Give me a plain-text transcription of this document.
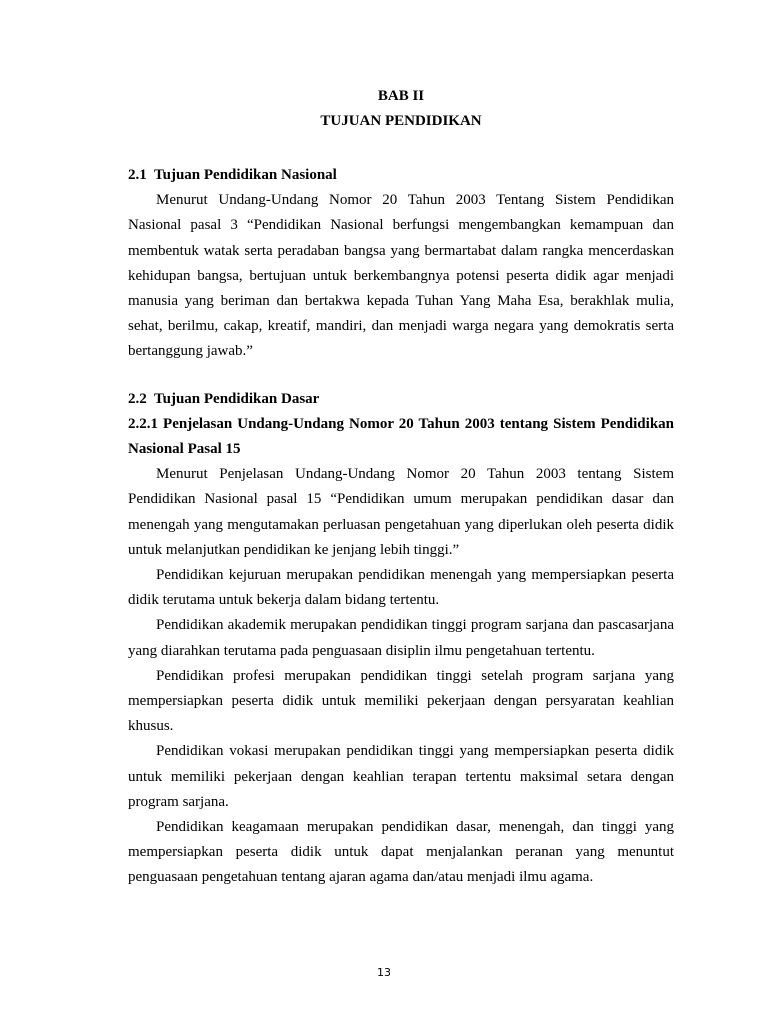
BAB II

TUJUAN PENDIDIKAN

2.1  Tujuan Pendidikan Nasional

Menurut Undang-Undang Nomor 20 Tahun 2003 Tentang Sistem Pendidikan Nasional pasal 3 “Pendidikan Nasional berfungsi mengembangkan kemampuan dan membentuk watak serta peradaban bangsa yang bermartabat dalam rangka mencerdaskan kehidupan bangsa, bertujuan untuk berkembangnya potensi peserta didik agar menjadi manusia yang beriman dan bertakwa kepada Tuhan Yang Maha Esa, berakhlak mulia, sehat, berilmu, cakap, kreatif, mandiri, dan menjadi warga negara yang demokratis serta bertanggung jawab.”

2.2  Tujuan Pendidikan Dasar

2.2.1 Penjelasan Undang-Undang Nomor 20 Tahun 2003 tentang Sistem Pendidikan Nasional Pasal 15

Menurut Penjelasan Undang-Undang Nomor 20 Tahun 2003 tentang Sistem Pendidikan Nasional pasal 15 “Pendidikan umum merupakan pendidikan dasar dan menengah yang mengutamakan perluasan pengetahuan yang diperlukan oleh peserta didik untuk melanjutkan pendidikan ke jenjang lebih tinggi.”

Pendidikan kejuruan merupakan pendidikan menengah yang mempersiapkan peserta didik terutama untuk bekerja dalam bidang tertentu.

Pendidikan akademik merupakan pendidikan tinggi program sarjana dan pascasarjana yang diarahkan terutama pada penguasaan disiplin ilmu pengetahuan tertentu.

Pendidikan profesi merupakan pendidikan tinggi setelah program sarjana yang mempersiapkan peserta didik untuk memiliki pekerjaan dengan persyaratan keahlian khusus.

Pendidikan vokasi merupakan pendidikan tinggi yang mempersiapkan peserta didik untuk memiliki pekerjaan dengan keahlian terapan tertentu maksimal setara dengan program sarjana.

Pendidikan keagamaan merupakan pendidikan dasar, menengah, dan tinggi yang mempersiapkan peserta didik untuk dapat menjalankan peranan yang menuntut penguasaan pengetahuan tentang ajaran agama dan/atau menjadi ilmu agama.

13
